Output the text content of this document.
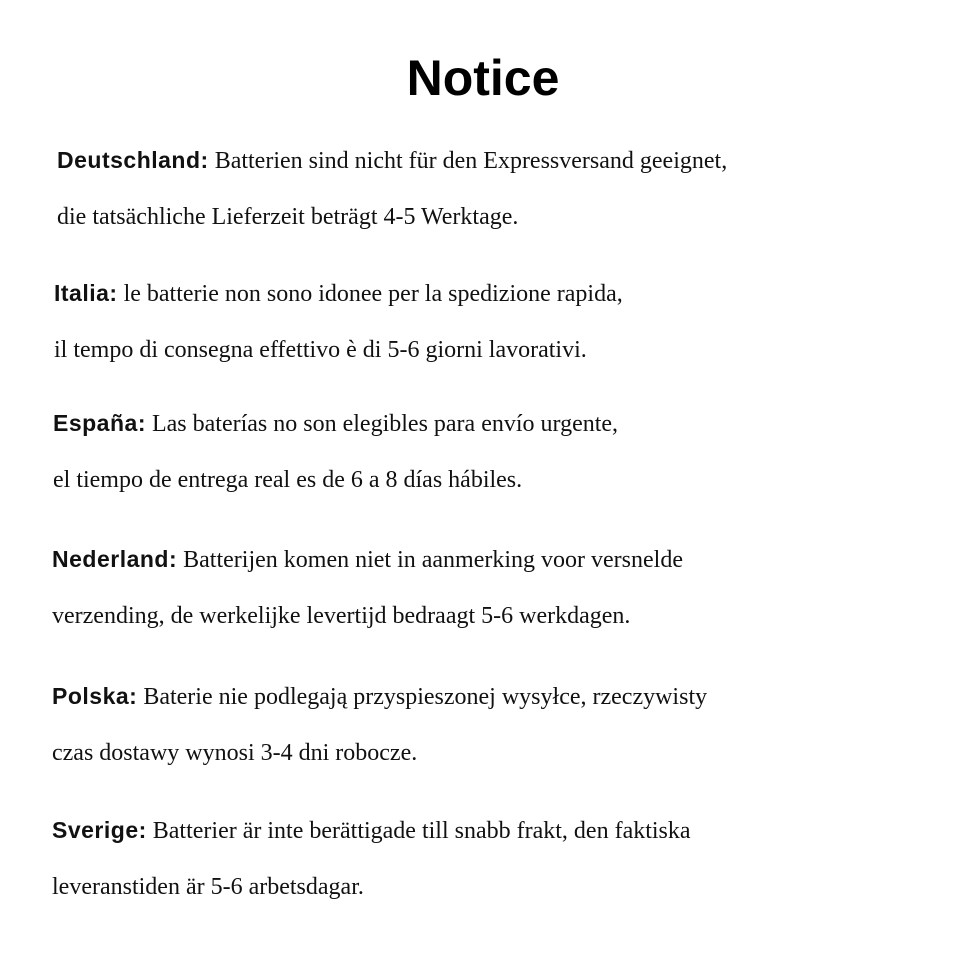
Notice
Deutschland: Batterien sind nicht für den Expressversand geeignet,
die tatsächliche Lieferzeit beträgt 4-5 Werktage.
Italia: le batterie non sono idonee per la spedizione rapida,
il tempo di consegna effettivo è di 5-6 giorni lavorativi.
España: Las baterías no son elegibles para envío urgente,
el tiempo de entrega real es de 6 a 8 días hábiles.
Nederland: Batterijen komen niet in aanmerking voor versnelde
verzending, de werkelijke levertijd bedraagt 5-6 werkdagen.
Polska: Baterie nie podlegają przyspieszonej wysyłce, rzeczywisty
czas dostawy wynosi 3-4 dni robocze.
Sverige: Batterier är inte berättigade till snabb frakt, den faktiska
leveranstiden är 5-6 arbetsdagar.
